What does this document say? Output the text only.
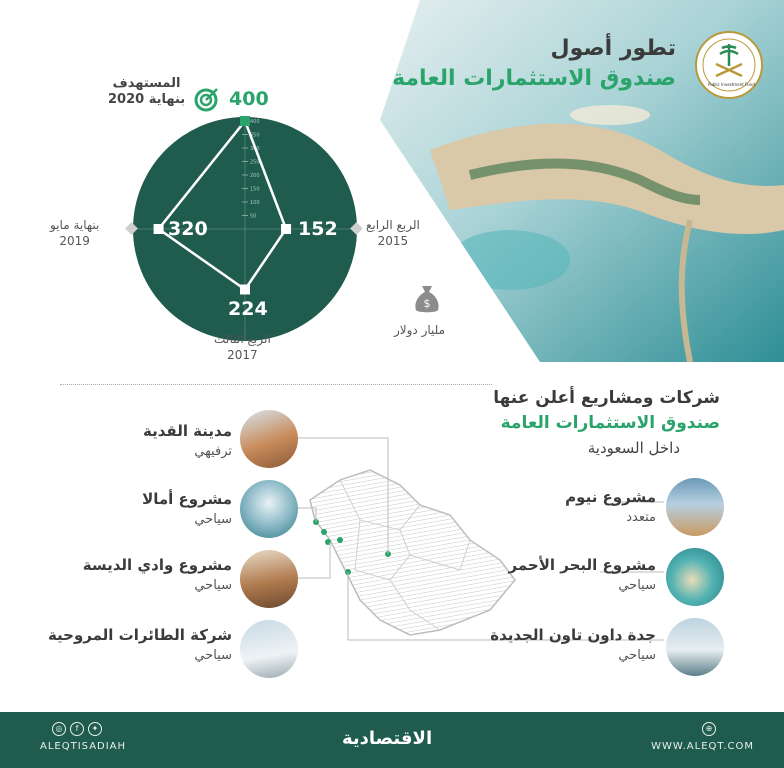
Public Investment Fund
تطور أصول
صندوق الاستثمارات العامة
50
100
150
200
250
300
350
400
400
152
224
320
المستهدف
بنهاية 2020
الربع الرابع
2015
الربع الثالث
2017
بنهاية مايو
2019
$
مليار دولار
شركات ومشاريع أعلن عنها
صندوق الاستثمارات العامة
داخل السعودية
مدينة القدية
ترفيهي
مشروع أمالا
سياحي
مشروع وادي الديسة
سياحي
شركة الطائرات المروحية
سياحي
مشروع نيوم
متعدد
مشروع البحر الأحمر
سياحي
جدة داون تاون الجديدة
سياحي
◎	f	✦
ALEQTISADIAH	الاقتصادية	⊕
WWW.ALEQT.COM
